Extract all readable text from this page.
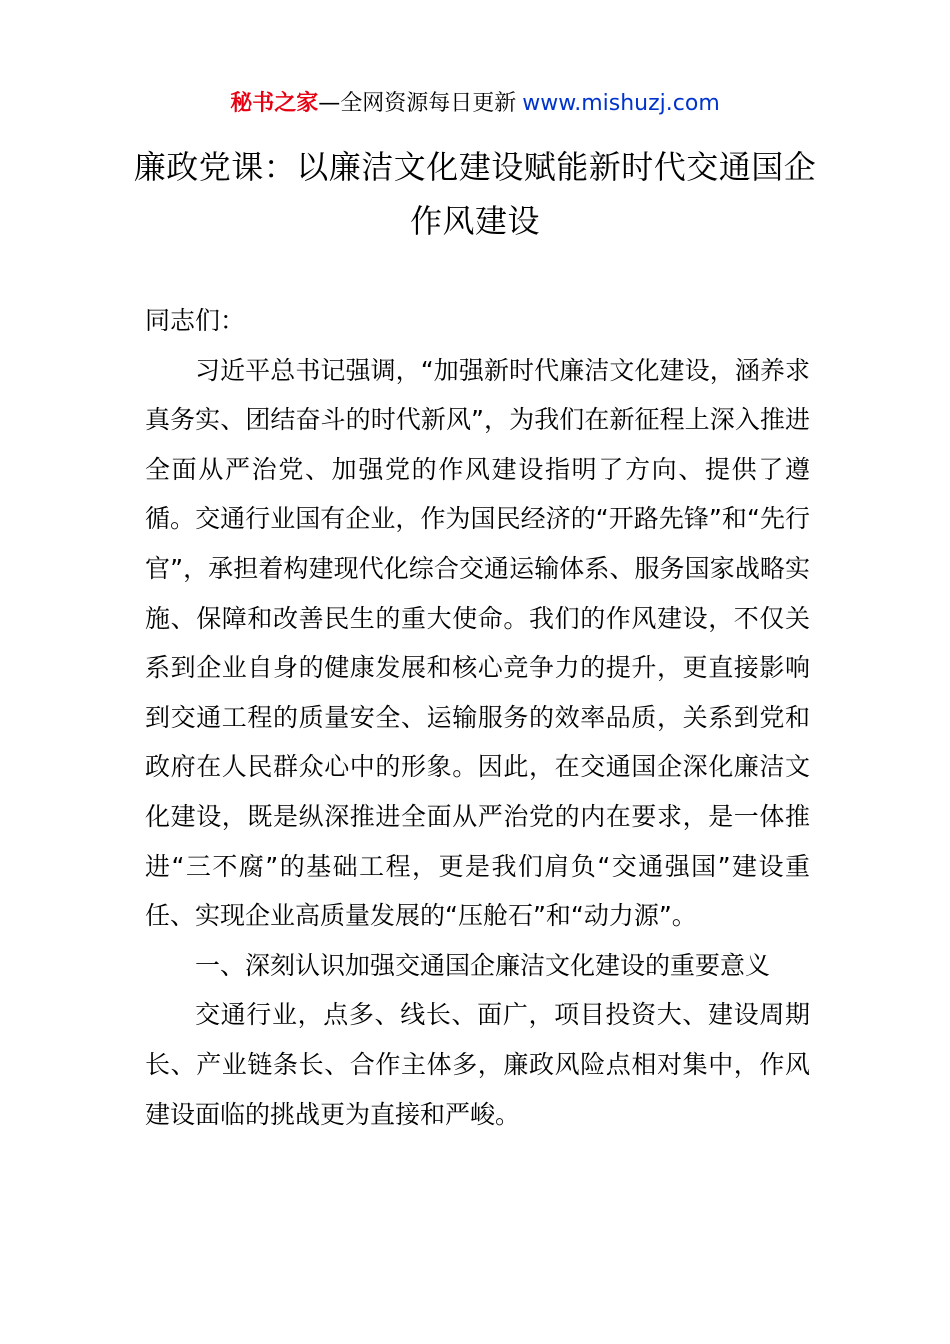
秘书之家—全网资源每日更新 www.mishuzj.com
廉政党课：以廉洁文化建设赋能新时代交通国企作风建设

同志们：

习近平总书记强调，“加强新时代廉洁文化建设，涵养求真务实、团结奋斗的时代新风”，为我们在新征程上深入推进全面从严治党、加强党的作风建设指明了方向、提供了遵循。交通行业国有企业，作为国民经济的“开路先锋”和“先行官”，承担着构建现代化综合交通运输体系、服务国家战略实施、保障和改善民生的重大使命。我们的作风建设，不仅关系到企业自身的健康发展和核心竞争力的提升，更直接影响到交通工程的质量安全、运输服务的效率品质，关系到党和政府在人民群众心中的形象。因此，在交通国企深化廉洁文化建设，既是纵深推进全面从严治党的内在要求，是一体推进“三不腐”的基础工程，更是我们肩负“交通强国”建设重任、实现企业高质量发展的“压舱石”和“动力源”。

一、深刻认识加强交通国企廉洁文化建设的重要意义

交通行业，点多、线长、面广，项目投资大、建设周期长、产业链条长、合作主体多，廉政风险点相对集中，作风建设面临的挑战更为直接和严峻。
